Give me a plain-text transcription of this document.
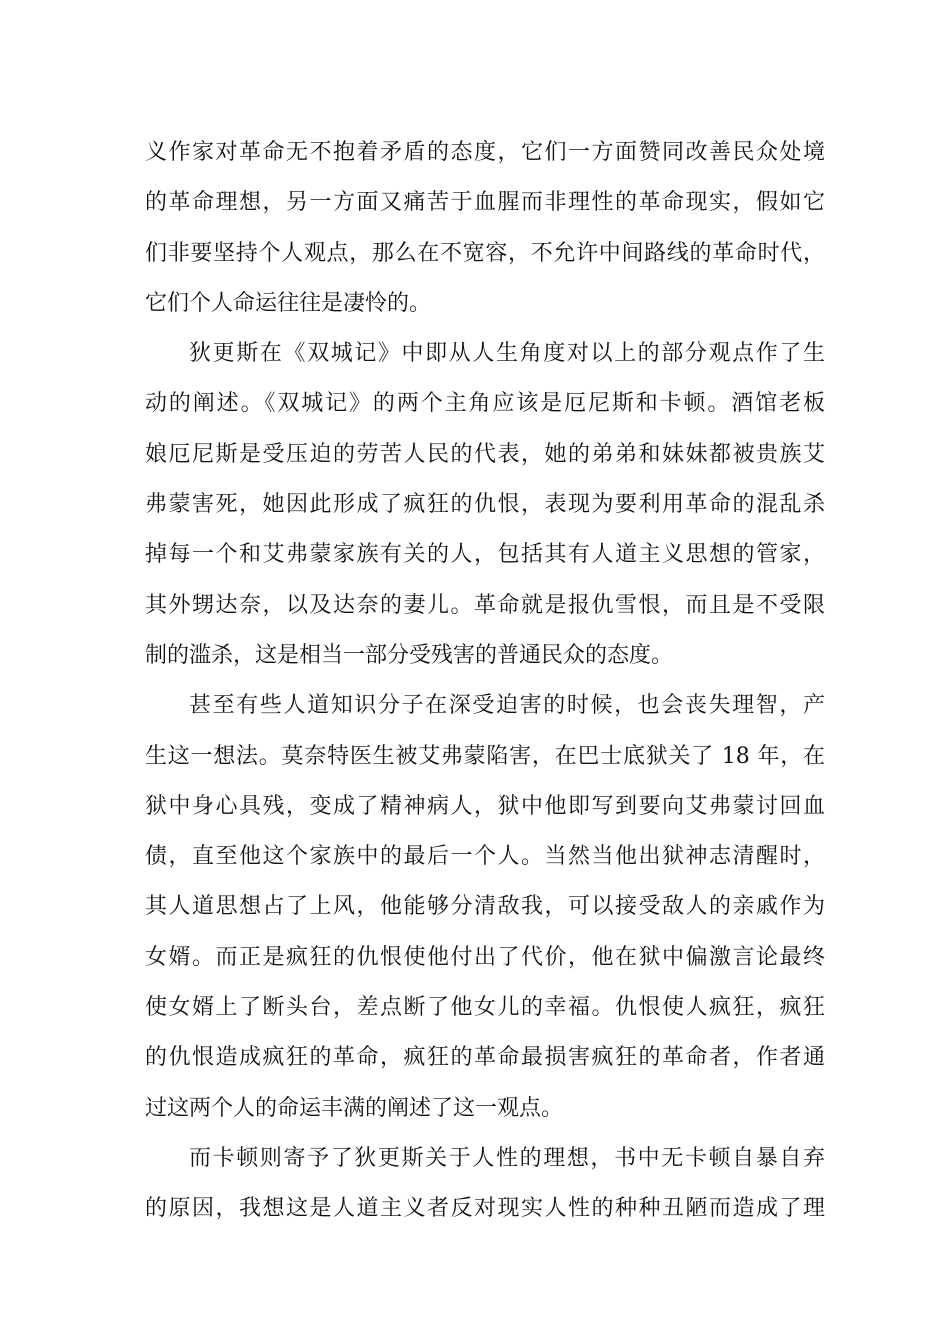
义作家对革命无不抱着矛盾的态度，它们一方面赞同改善民众处境
的革命理想，另一方面又痛苦于血腥而非理性的革命现实，假如它
们非要坚持个人观点，那么在不宽容，不允许中间路线的革命时代，
它们个人命运往往是凄怜的。
狄更斯在《双城记》中即从人生角度对以上的部分观点作了生
动的阐述。《双城记》的两个主角应该是厄尼斯和卡顿。酒馆老板
娘厄尼斯是受压迫的劳苦人民的代表，她的弟弟和妹妹都被贵族艾
弗蒙害死，她因此形成了疯狂的仇恨，表现为要利用革命的混乱杀
掉每一个和艾弗蒙家族有关的人，包括其有人道主义思想的管家，
其外甥达奈，以及达奈的妻儿。革命就是报仇雪恨，而且是不受限
制的滥杀，这是相当一部分受残害的普通民众的态度。
甚至有些人道知识分子在深受迫害的时候，也会丧失理智，产
生这一想法。莫奈特医生被艾弗蒙陷害，在巴士底狱关了 18 年，在
狱中身心具残，变成了精神病人，狱中他即写到要向艾弗蒙讨回血
债，直至他这个家族中的最后一个人。当然当他出狱神志清醒时，
其人道思想占了上风，他能够分清敌我，可以接受敌人的亲戚作为
女婿。而正是疯狂的仇恨使他付出了代价，他在狱中偏激言论最终
使女婿上了断头台，差点断了他女儿的幸福。仇恨使人疯狂，疯狂
的仇恨造成疯狂的革命，疯狂的革命最损害疯狂的革命者，作者通
过这两个人的命运丰满的阐述了这一观点。
而卡顿则寄予了狄更斯关于人性的理想，书中无卡顿自暴自弃
的原因，我想这是人道主义者反对现实人性的种种丑陋而造成了理
